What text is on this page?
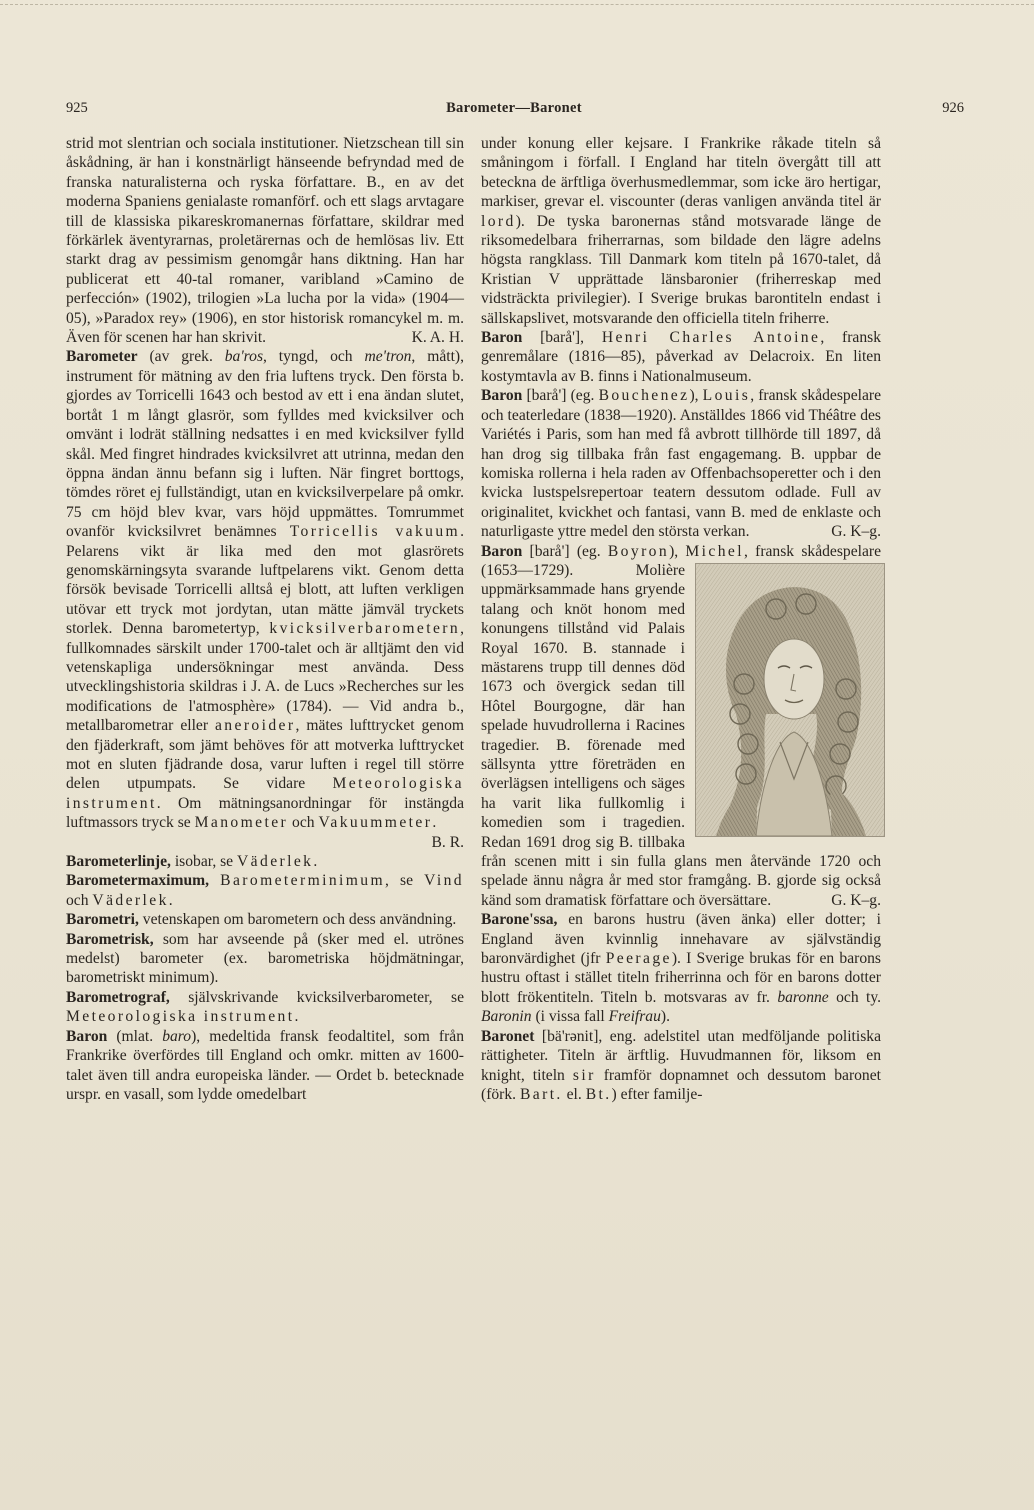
925	Barometer—Baronet	926

strid mot slentrian och sociala institutioner. Nietzschean till sin åskådning, är han i konstnärligt hänseende befryndad med de franska naturalisterna och ryska författare. B., en av det moderna Spaniens genialaste romanförf. och ett slags arvtagare till de klassiska pikareskromanernas författare, skildrar med förkärlek äventyrarnas, proletärernas och de hemlösas liv. Ett starkt drag av pessimism genomgår hans diktning. Han har publicerat ett 40-tal romaner, varibland »Camino de perfección» (1902), trilogien »La lucha por la vida» (1904—05), »Paradox rey» (1906), en stor historisk romancykel m. m. Även för scenen har han skrivit.	K. A. H.

Barometer (av grek. ba'ros, tyngd, och me'tron, mått), instrument för mätning av den fria luftens tryck. Den första b. gjordes av Torricelli 1643 och bestod av ett i ena ändan slutet, bortåt 1 m långt glasrör, som fylldes med kvicksilver och omvänt i lodrät ställning nedsattes i en med kvicksilver fylld skål. Med fingret hindrades kvicksilvret att utrinna, medan den öppna ändan ännu befann sig i luften. När fingret borttogs, tömdes röret ej fullständigt, utan en kvicksilverpelare på omkr. 75 cm höjd blev kvar, vars höjd uppmättes. Tomrummet ovanför kvicksilvret benämnes Torricellis vakuum. Pelarens vikt är lika med den mot glasrörets genomskärningsyta svarande luftpelarens vikt. Genom detta försök bevisade Torricelli alltså ej blott, att luften verkligen utövar ett tryck mot jordytan, utan mätte jämväl tryckets storlek. Denna barometertyp, kvicksilverbarometern, fullkomnades särskilt under 1700-talet och är alltjämt den vid vetenskapliga undersökningar mest använda. Dess utvecklingshistoria skildras i J. A. de Lucs »Recherches sur les modifications de l'atmosphère» (1784). — Vid andra b., metallbarometrar eller aneroider, mätes lufttrycket genom den fjäderkraft, som jämt behöves för att motverka lufttrycket mot en sluten fjädrande dosa, varur luften i regel till större delen utpumpats. Se vidare Meteorologiska instrument. Om mätningsanordningar för instängda luftmassors tryck se Manometer och Vakuummeter.
B. R.

Barometerlinje, isobar, se Väderlek.

Barometermaximum, Barometerminimum, se Vind och Väderlek.

Barometri, vetenskapen om barometern och dess användning.

Barometrisk, som har avseende på (sker med el. utrönes medelst) barometer (ex. barometriska höjdmätningar, barometriskt minimum).

Barometrograf, självskrivande kvicksilverbarometer, se Meteorologiska instrument.

Baron (mlat. baro), medeltida fransk feodaltitel, som från Frankrike överfördes till England och omkr. mitten av 1600-talet även till andra europeiska länder. — Ordet b. betecknade urspr. en vasall, som lydde omedelbart

under konung eller kejsare. I Frankrike råkade titeln så småningom i förfall. I England har titeln övergått till att beteckna de ärftliga överhusmedlemmar, som icke äro hertigar, markiser, grevar el. viscounter (deras vanligen använda titel är lord). De tyska baronernas stånd motsvarade länge de riksomedelbara friherrarnas, som bildade den lägre adelns högsta rangklass. Till Danmark kom titeln på 1670-talet, då Kristian V upprättade länsbaronier (friherreskap med vidsträckta privilegier). I Sverige brukas barontiteln endast i sällskapslivet, motsvarande den officiella titeln friherre.

Baron [barå'], Henri Charles Antoine, fransk genremålare (1816—85), påverkad av Delacroix. En liten kostymtavla av B. finns i Nationalmuseum.

Baron [barå'] (eg. Bouchenez), Louis, fransk skådespelare och teaterledare (1838—1920). Anställdes 1866 vid Théâtre des Variétés i Paris, som han med få avbrott tillhörde till 1897, då han drog sig tillbaka från fast engagemang. B. uppbar de komiska rollerna i hela raden av Offenbachsoperetter och i den kvicka lustspelsrepertoar teatern dessutom odlade. Full av originalitet, kvickhet och fantasi, vann B. med de enklaste och naturligaste yttre medel den största verkan.	G. K–g.

Baron [barå'] (eg. Boyron), Michel
, fransk skådespelare (1653—1729). Molière uppmärksammade hans gryende talang och knöt honom med konungens tillstånd vid Palais Royal 1670. B. stannade i mästarens trupp till dennes död 1673 och övergick sedan till Hôtel Bourgogne, där han spelade huvudrollerna i Racines tragedier. B. förenade med sällsynta yttre företräden en överlägsen intelligens och säges ha varit lika fullkomlig i komedien som i tragedien. Redan 1691 drog sig B. tillbaka från scenen mitt i sin fulla glans men återvände 1720 och spelade ännu några år med stor framgång. B. gjorde sig också känd som dramatisk författare och översättare.	G. K–g.

Barone'ssa, en barons hustru (även änka) eller dotter; i England även kvinnlig innehavare av självständig baronvärdighet (jfr Peerage). I Sverige brukas för en barons hustru oftast i stället titeln friherrinna och för en barons dotter blott frökentiteln. Titeln b. motsvaras av fr. baronne och ty. Baronin (i vissa fall Freifrau).

Baronet [bä'rənit], eng. adelstitel utan medföljande politiska rättigheter. Titeln är ärftlig. Huvudmannen för, liksom en knight, titeln sir framför dopnamnet och dessutom baronet (förk. Bart. el. Bt.) efter familje-
